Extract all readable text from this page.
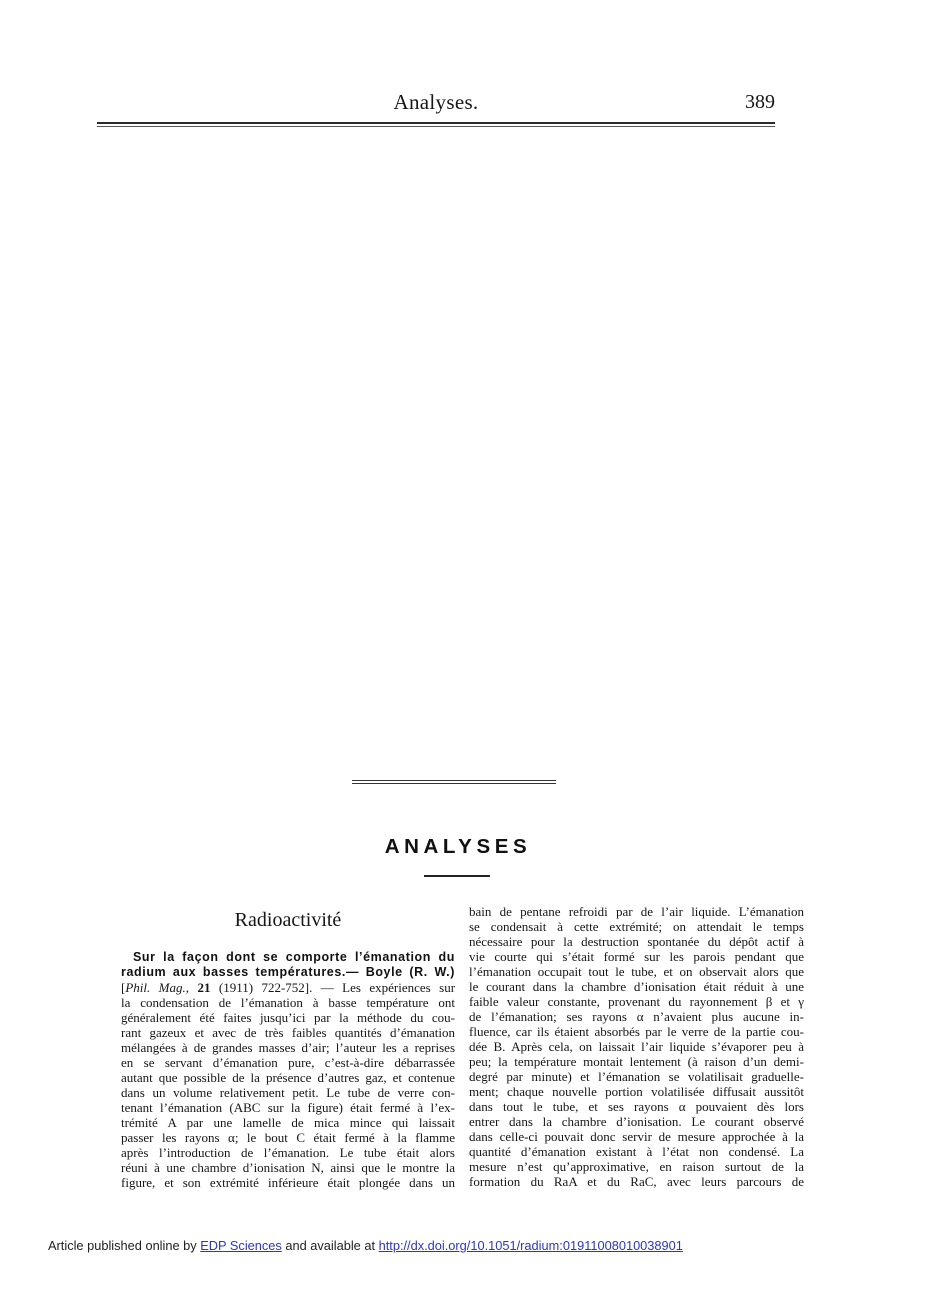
Analyses.	389
ANALYSES
Radioactivité
Sur la façon dont se comporte l’émanation du
radium aux basses températures.— Boyle (R. W.)
[Phil. Mag., 21 (1911) 722-752]. — Les expériences sur
la condensation de l’émanation à basse température ont
généralement été faites jusqu’ici par la méthode du cou-
rant gazeux et avec de très faibles quantités d’émanation
mélangées à de grandes masses d’air; l’auteur les a reprises
en se servant d’émanation pure, c’est-à-dire débarrassée
autant que possible de la présence d’autres gaz, et contenue
dans un volume relativement petit. Le tube de verre con-
tenant l’émanation (ABC sur la figure) était fermé à l’ex-
trémité A par une lamelle de mica mince qui laissait
passer les rayons α; le bout C était fermé à la flamme
après l’introduction de l’émanation. Le tube était alors
réuni à une chambre d’ionisation N, ainsi que le montre la
figure, et son extrémité inférieure était plongée dans un
bain de pentane refroidi par de l’air liquide. L’émanation
se condensait à cette extrémité; on attendait le temps
nécessaire pour la destruction spontanée du dépôt actif à
vie courte qui s’était formé sur les parois pendant que
l’émanation occupait tout le tube, et on observait alors que
le courant dans la chambre d’ionisation était réduit à une
faible valeur constante, provenant du rayonnement β et γ
de l’émanation; ses rayons α n’avaient plus aucune in-
fluence, car ils étaient absorbés par le verre de la partie cou-
dée B. Après cela, on laissait l’air liquide s’évaporer peu à
peu; la température montait lentement (à raison d’un demi-
degré par minute) et l’émanation se volatilisait graduelle-
ment; chaque nouvelle portion volatilisée diffusait aussitôt
dans tout le tube, et ses rayons α pouvaient dès lors
entrer dans la chambre d’ionisation. Le courant observé
dans celle-ci pouvait donc servir de mesure approchée à la
quantité d’émanation existant à l’état non condensé. La
mesure n’est qu’approximative, en raison surtout de la
formation du RaA et du RaC, avec leurs parcours de
Article published online by EDP Sciences and available at http://dx.doi.org/10.1051/radium:01911008010038901
